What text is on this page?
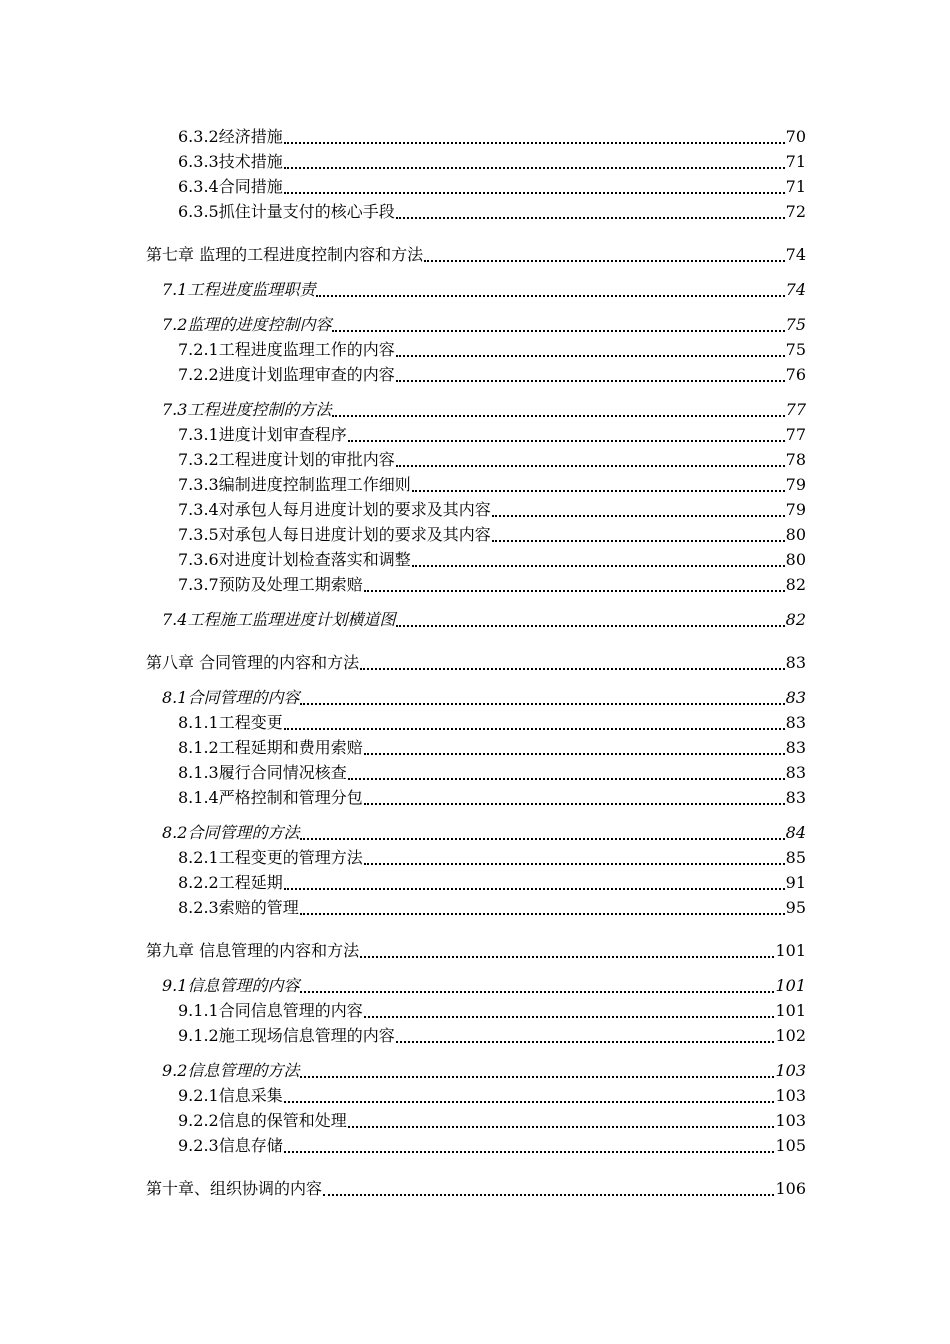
6.3.2经济措施	70
6.3.3技术措施	71
6.3.4合同措施	71
6.3.5抓住计量支付的核心手段	72
第七章 监理的工程进度控制内容和方法	74
7.1工程进度监理职责	74
7.2监理的进度控制内容	75
7.2.1工程进度监理工作的内容	75
7.2.2进度计划监理审查的内容	76
7.3工程进度控制的方法	77
7.3.1进度计划审查程序	77
7.3.2工程进度计划的审批内容	78
7.3.3编制进度控制监理工作细则	79
7.3.4对承包人每月进度计划的要求及其内容	79
7.3.5对承包人每日进度计划的要求及其内容	80
7.3.6对进度计划检查落实和调整	80
7.3.7预防及处理工期索赔	82
7.4工程施工监理进度计划横道图	82
第八章 合同管理的内容和方法	83
8.1合同管理的内容	83
8.1.1工程变更	83
8.1.2工程延期和费用索赔	83
8.1.3履行合同情况核查	83
8.1.4严格控制和管理分包	83
8.2合同管理的方法	84
8.2.1工程变更的管理方法	85
8.2.2工程延期	91
8.2.3索赔的管理	95
第九章 信息管理的内容和方法	101
9.1信息管理的内容	101
9.1.1合同信息管理的内容	101
9.1.2施工现场信息管理的内容	102
9.2信息管理的方法	103
9.2.1信息采集	103
9.2.2信息的保管和处理	103
9.2.3信息存储	105
第十章、组织协调的内容	106
